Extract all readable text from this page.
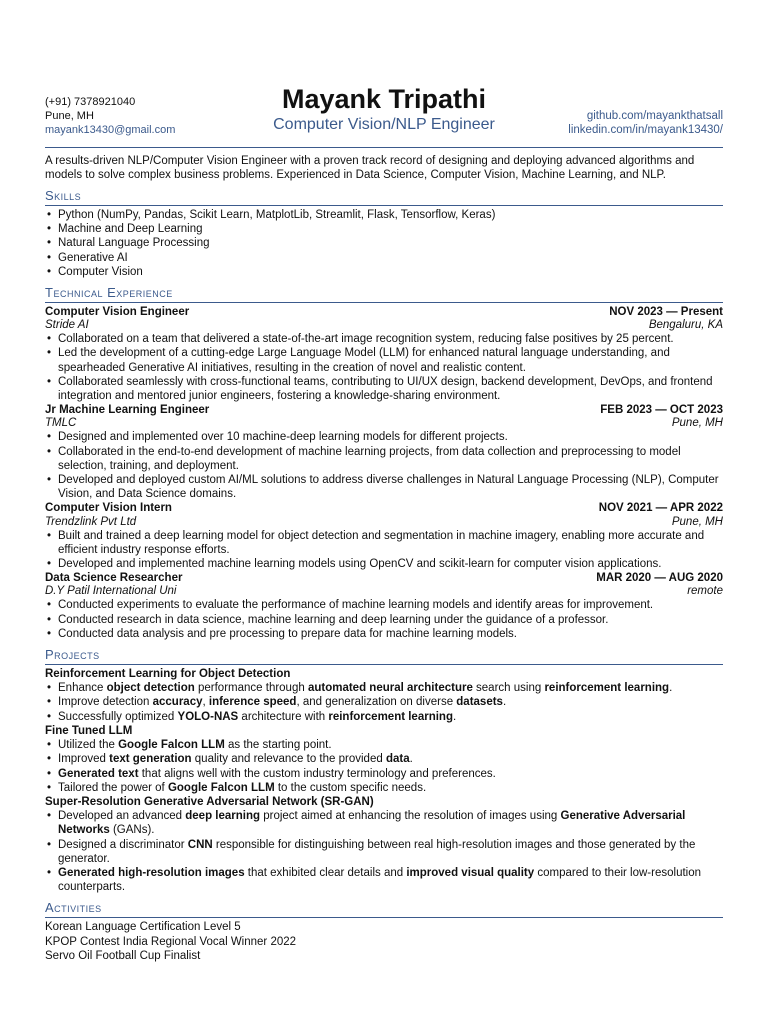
(+91) 7378921040
Pune, MH
mayank13430@gmail.com
Mayank Tripathi
Computer Vision/NLP Engineer	github.com/mayankthatsall
linkedin.com/in/mayank13430/

A results-driven NLP/Computer Vision Engineer with a proven track record of designing and deploying advanced algorithms and models to solve complex business problems. Experienced in Data Science, Computer Vision, Machine Learning, and NLP.

Skills
• Python (NumPy, Pandas, Scikit Learn, MatplotLib, Streamlit, Flask, Tensorflow, Keras)
• Machine and Deep Learning
• Natural Language Processing
• Generative AI
• Computer Vision
Technical Experience
Computer Vision Engineer	NOV 2023 — Present
Stride AI	Bengaluru, KA
• Collaborated on a team that delivered a state-of-the-art image recognition system, reducing false positives by 25 percent.
• Led the development of a cutting-edge Large Language Model (LLM) for enhanced natural language understanding, and spearheaded Generative AI initiatives, resulting in the creation of novel and realistic content.
• Collaborated seamlessly with cross-functional teams, contributing to UI/UX design, backend development, DevOps, and frontend integration and mentored junior engineers, fostering a knowledge-sharing environment.
Jr Machine Learning Engineer	FEB 2023 — OCT 2023
TMLC	Pune, MH
• Designed and implemented over 10 machine-deep learning models for different projects.
• Collaborated in the end-to-end development of machine learning projects, from data collection and preprocessing to model selection, training, and deployment.
• Developed and deployed custom AI/ML solutions to address diverse challenges in Natural Language Processing (NLP), Computer Vision, and Data Science domains.
Computer Vision Intern	NOV 2021 — APR 2022
Trendzlink Pvt Ltd	Pune, MH
• Built and trained a deep learning model for object detection and segmentation in machine imagery, enabling more accurate and efficient industry response efforts.
• Developed and implemented machine learning models using OpenCV and scikit-learn for computer vision applications.
Data Science Researcher	MAR 2020 — AUG 2020
D.Y Patil International Uni	remote
• Conducted experiments to evaluate the performance of machine learning models and identify areas for improvement.
• Conducted research in data science, machine learning and deep learning under the guidance of a professor.
• Conducted data analysis and pre processing to prepare data for machine learning models.
Projects
Reinforcement Learning for Object Detection
• Enhance object detection performance through automated neural architecture search using reinforcement learning.
• Improve detection accuracy, inference speed, and generalization on diverse datasets.
• Successfully optimized YOLO-NAS architecture with reinforcement learning.
Fine Tuned LLM
• Utilized the Google Falcon LLM as the starting point.
• Improved text generation quality and relevance to the provided data.
• Generated text that aligns well with the custom industry terminology and preferences.
• Tailored the power of Google Falcon LLM to the custom specific needs.
Super-Resolution Generative Adversarial Network (SR-GAN)
• Developed an advanced deep learning project aimed at enhancing the resolution of images using Generative Adversarial Networks (GANs).
• Designed a discriminator CNN responsible for distinguishing between real high-resolution images and those generated by the generator.
• Generated high-resolution images that exhibited clear details and improved visual quality compared to their low-resolution counterparts.
Activities
Korean Language Certification Level 5
KPOP Contest India Regional Vocal Winner 2022
Servo Oil Football Cup Finalist
